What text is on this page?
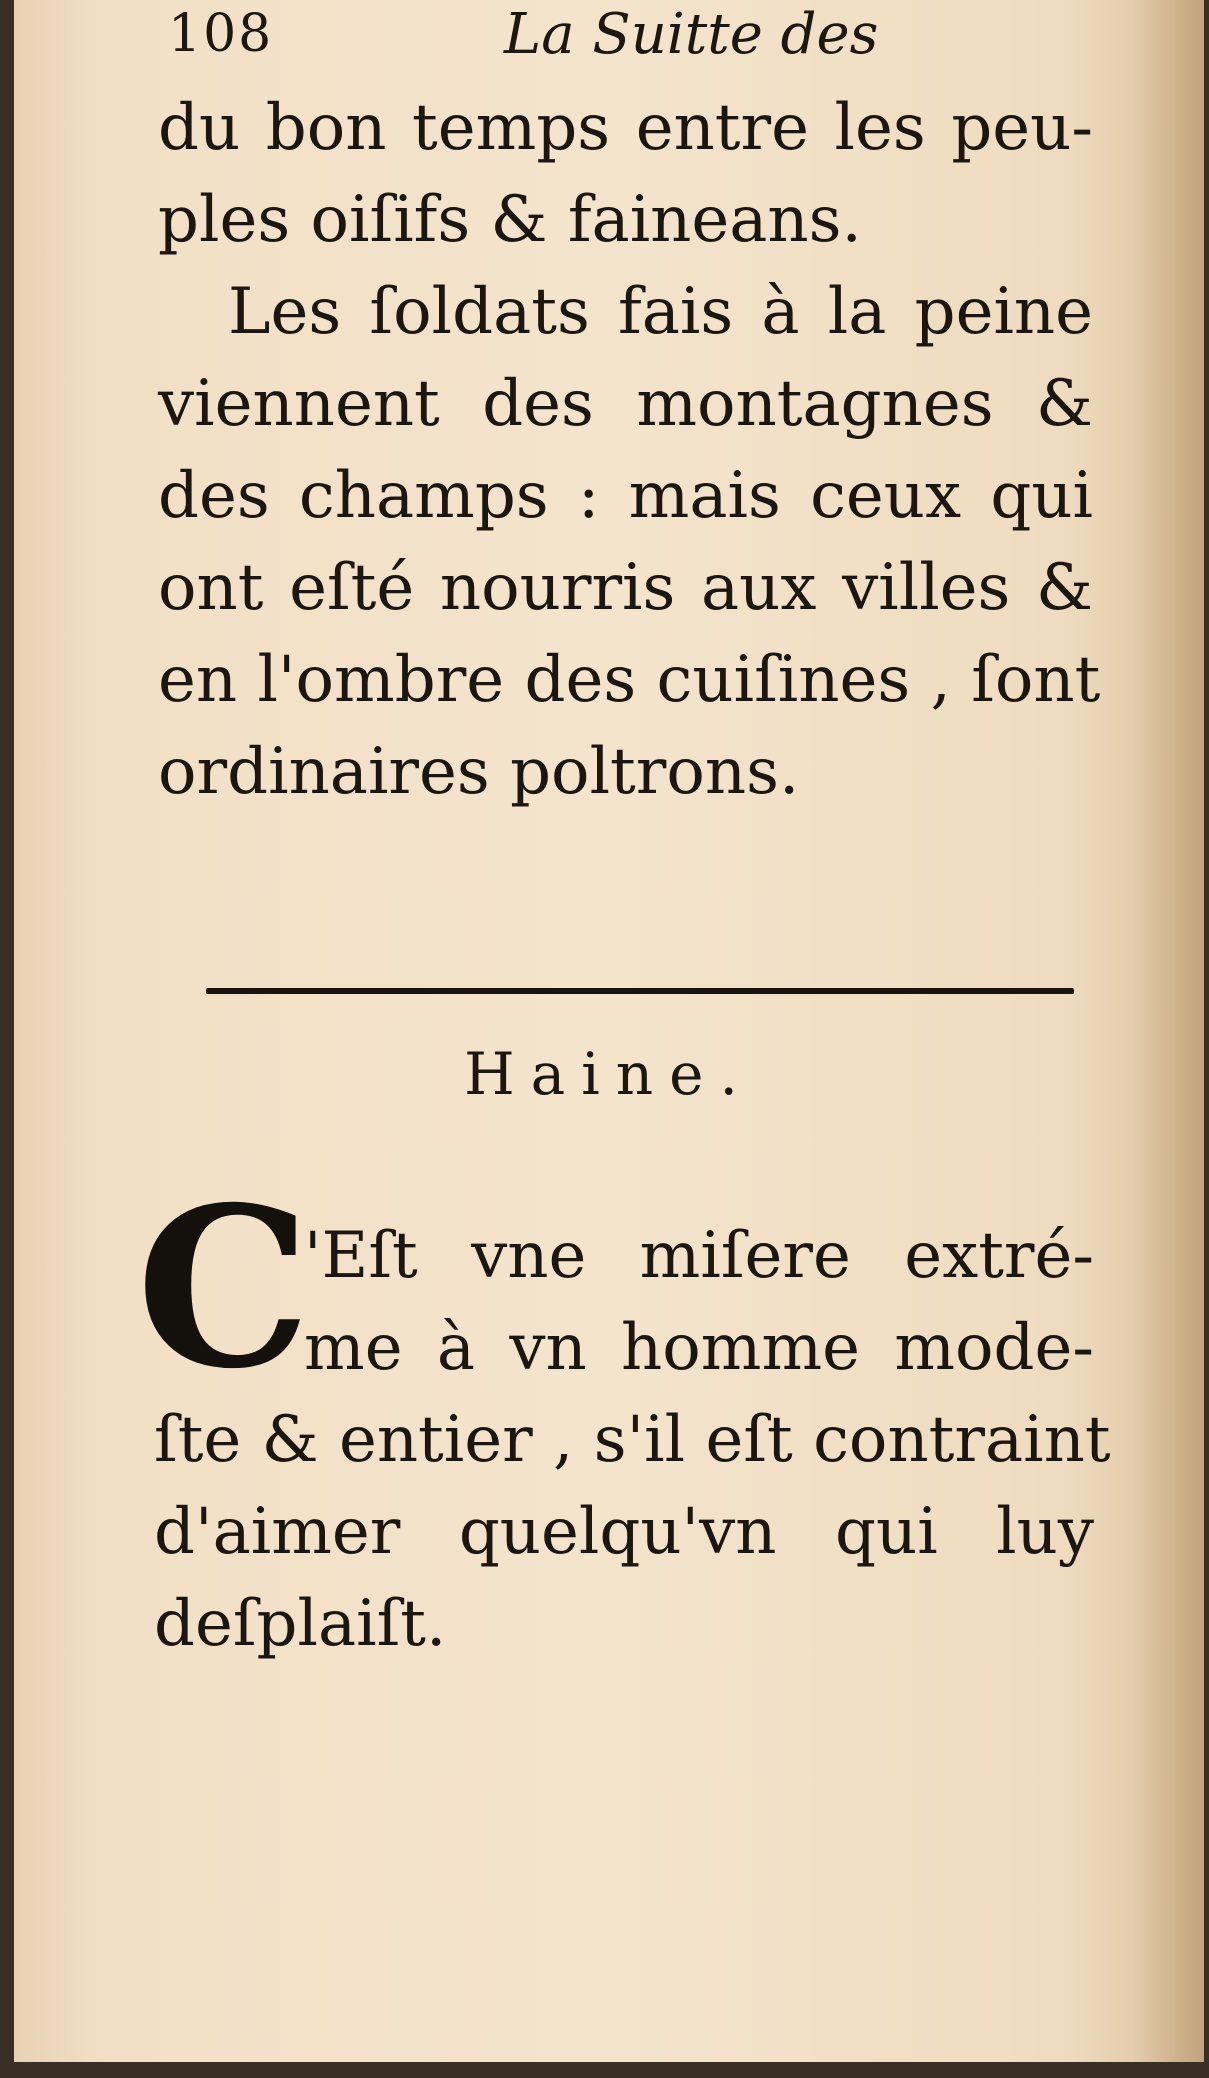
108	La Suitte des
du bon temps entre les peu-
ples oiſifs & faineans.
Les ſoldats fais à la peine
viennent des montagnes &
des champs : mais ceux qui
ont eſté nourris aux villes &
en l'ombre des cuiſines , ſont
ordinaires poltrons.
Haine.
C
'Eſt vne miſere extré-
me à vn homme mode-
ſte & entier , s'il eſt contraint
d'aimer quelqu'vn qui luy
deſplaiſt.
